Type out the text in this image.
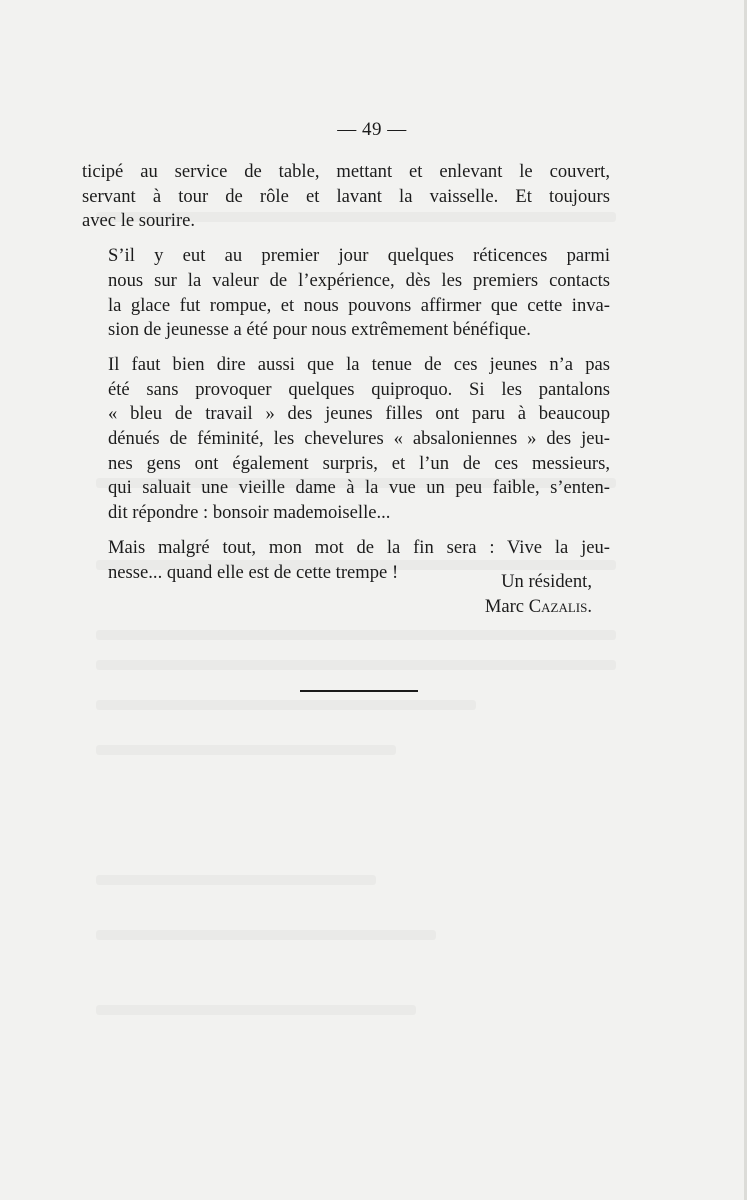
— 49 —

ticipé au service de table, mettant et enlevant le couvert,
servant à tour de rôle et lavant la vaisselle. Et toujours
avec le sourire.

S’il y eut au premier jour quelques réticences parmi
nous sur la valeur de l’expérience, dès les premiers contacts
la glace fut rompue, et nous pouvons affirmer que cette inva-
sion de jeunesse a été pour nous extrêmement bénéfique.

Il faut bien dire aussi que la tenue de ces jeunes n’a pas
été sans provoquer quelques quiproquo. Si les pantalons
« bleu de travail » des jeunes filles ont paru à beaucoup
dénués de féminité, les chevelures « absaloniennes » des jeu-
nes gens ont également surpris, et l’un de ces messieurs,
qui saluait une vieille dame à la vue un peu faible, s’enten-
dit répondre : bonsoir mademoiselle...

Mais malgré tout, mon mot de la fin sera : Vive la jeu-
nesse... quand elle est de cette trempe !	Un résident,
Marc Cazalis.
